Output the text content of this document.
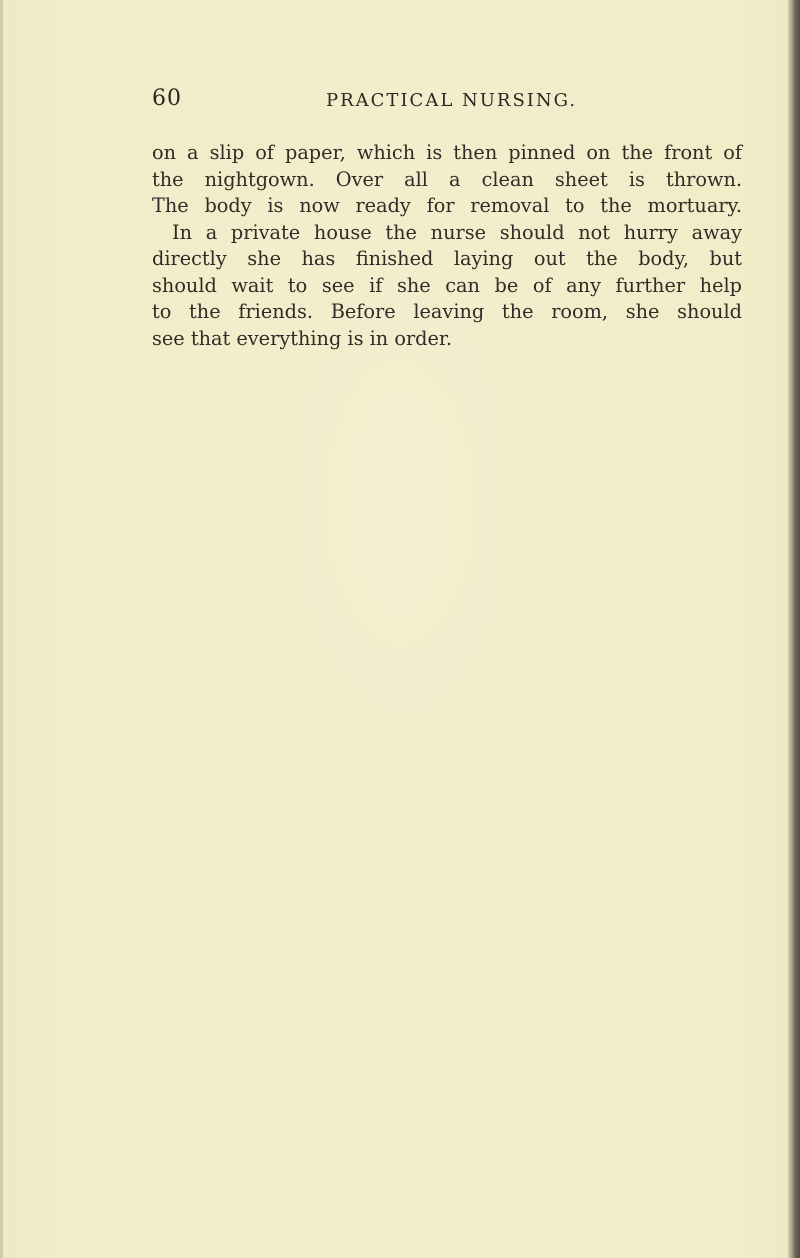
60	PRACTICAL NURSING.
on a slip of paper, which is then pinned on the front of
the nightgown. Over all a clean sheet is thrown.
The body is now ready for removal to the mortuary.
In a private house the nurse should not hurry away
directly she has finished laying out the body, but
should wait to see if she can be of any further help
to the friends. Before leaving the room, she should
see that everything is in order.
